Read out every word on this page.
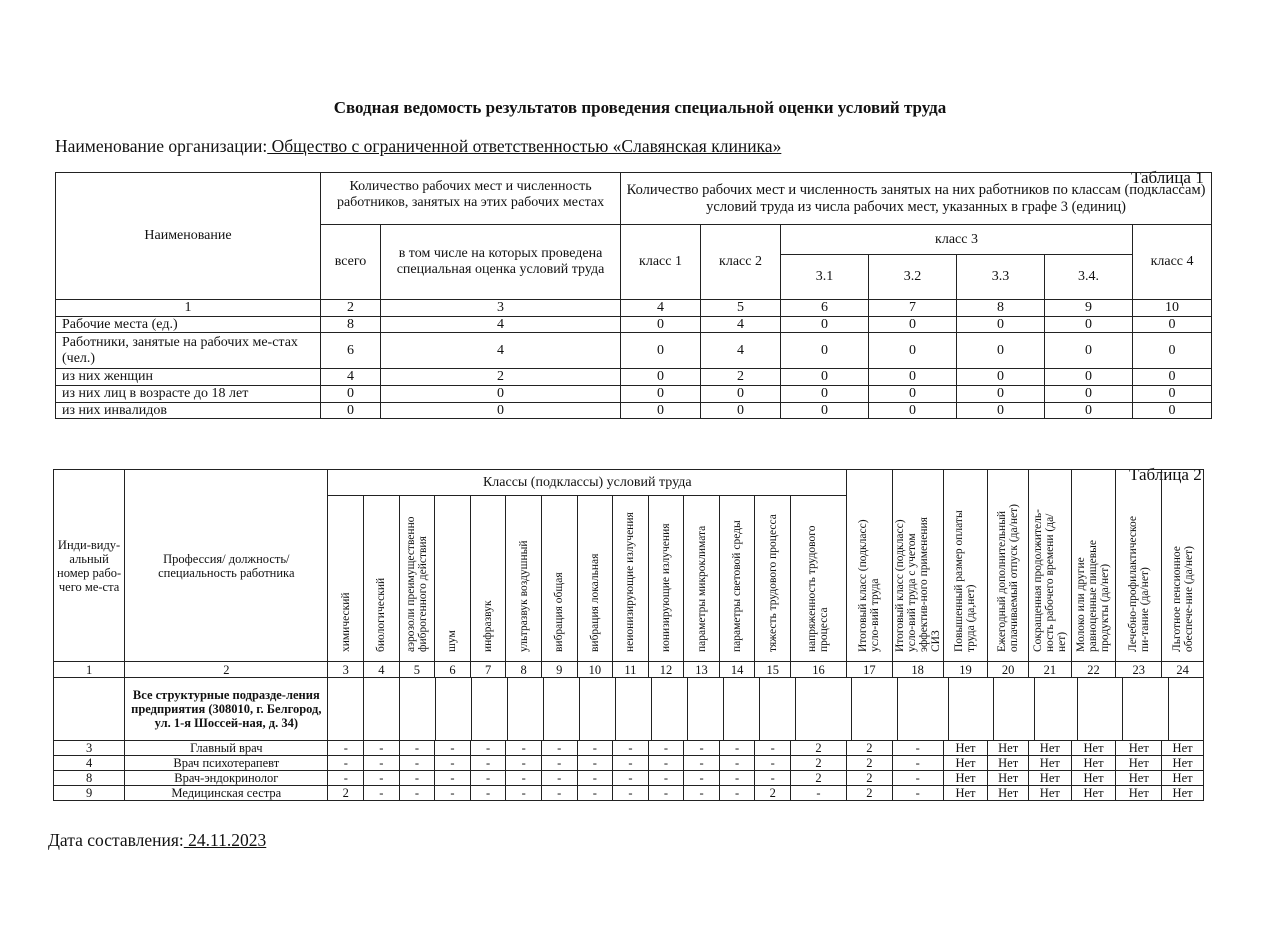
Сводная ведомость результатов проведения специальной оценки условий труда
Наименование организации: Общество с ограниченной ответственностью «Славянская клиника»
Таблица 1
Наименование	Количество рабочих мест и численность работников, занятых на этих рабочих местах		Количество рабочих мест и численность занятых на них работников по классам (подклассам) условий труда из числа рабочих мест, указанных в графе 3 (единиц)						
	всего	в том числе на которых проведена специальная оценка условий труда	класс 1	класс 2	класс 3				класс 4
					3.1	3.2	3.3	3.4.	
1	2	3	4	5	6	7	8	9	10
Рабочие места (ед.)	8	4	0	4	0	0	0	0	0
Работники, занятые на рабочих ме-стах (чел.)	6	4	0	4	0	0	0	0	0
из них женщин	4	2	0	2	0	0	0	0	0
из них лиц в возрасте до 18 лет	0	0	0	0	0	0	0	0	0
из них инвалидов	0	0	0	0	0	0	0	0	0
Таблица 2
Инди-виду-альный номер рабо-чего ме-ста	Профессия/ должность/ специальность работника	Классы (подклассы) условий труда														Итоговый класс (подкласс) усло-вий труда	Итоговый класс (подкласс) усло-вий труда с учетом эффектив-ного применения СИЗ	Повышенный размер оплаты труда (да,нет)	Ежегодный дополнительный оплачиваемый отпуск (да/нет)	Сокращенная продолжитель-ность рабочего времени (да/нет)	Молоко или другие равноценные пищевые продукты (да/нет)	Лечебно-профилактическое пи-тание (да/нет)	Льготное пенсионное обеспече-ние (да/нет)
		химический	биологический	аэрозоли преимущественно фиброгенного действия	шум	инфразвук	ультразвук воздушный	вибрация общая	вибрация локальная	неионизирующие излучения	ионизирующие излучения	параметры микроклимата	параметры световой среды	тяжесть трудового процесса	напряженность трудового процесса								
1	2	3	4	5	6	7	8	9	10	11	12	13	14	15	16	17	18	19	20	21	22	23	24
	Все структурные подразде-ления предприятия (308010, г. Белгород, ул. 1-я Шоссей-ная, д. 34)																						

3	Главный врач	-	-	-	-	-	-	-	-	-	-	-	-	-	2	2	-	Нет	Нет	Нет	Нет	Нет	Нет
4	Врач психотерапевт	-	-	-	-	-	-	-	-	-	-	-	-	-	2	2	-	Нет	Нет	Нет	Нет	Нет	Нет
8	Врач-эндокринолог	-	-	-	-	-	-	-	-	-	-	-	-	-	2	2	-	Нет	Нет	Нет	Нет	Нет	Нет
9	Медицинская сестра	2	-	-	-	-	-	-	-	-	-	-	-	2	-	2	-	Нет	Нет	Нет	Нет	Нет	Нет
Дата составления: 24.11.2023
